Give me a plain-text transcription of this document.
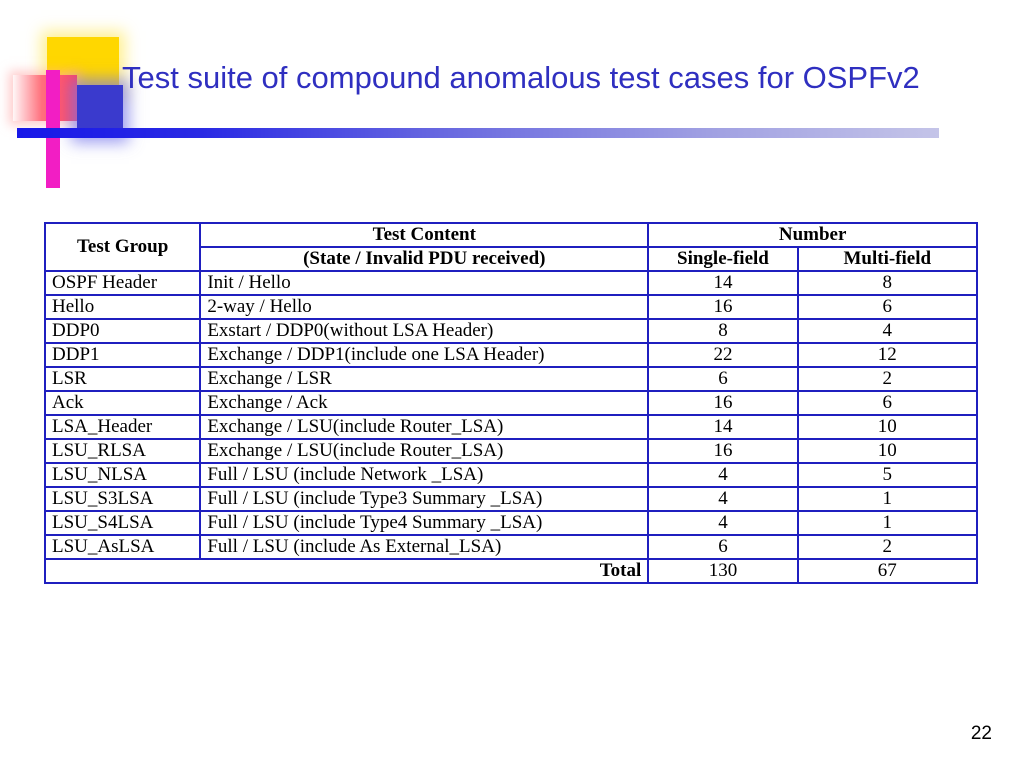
Test suite of compound anomalous test cases for OSPFv2
Test Group	Test Content	Number	
	(State / Invalid PDU received)	Single-field	Multi-field
OSPF Header	Init / Hello	14	8
Hello	2-way / Hello	16	6
DDP0	Exstart / DDP0(without LSA Header)	8	4
DDP1	Exchange / DDP1(include one LSA Header)	22	12
LSR	Exchange / LSR	6	2
Ack	Exchange / Ack	16	6
LSA_Header	Exchange / LSU(include Router_LSA)	14	10
LSU_RLSA	Exchange / LSU(include Router_LSA)	16	10
LSU_NLSA	Full / LSU (include Network _LSA)	4	5
LSU_S3LSA	Full / LSU (include Type3 Summary _LSA)	4	1
LSU_S4LSA	Full / LSU (include Type4 Summary _LSA)	4	1
LSU_AsLSA	Full / LSU (include As External_LSA)	6	2
Total		130	67
22
